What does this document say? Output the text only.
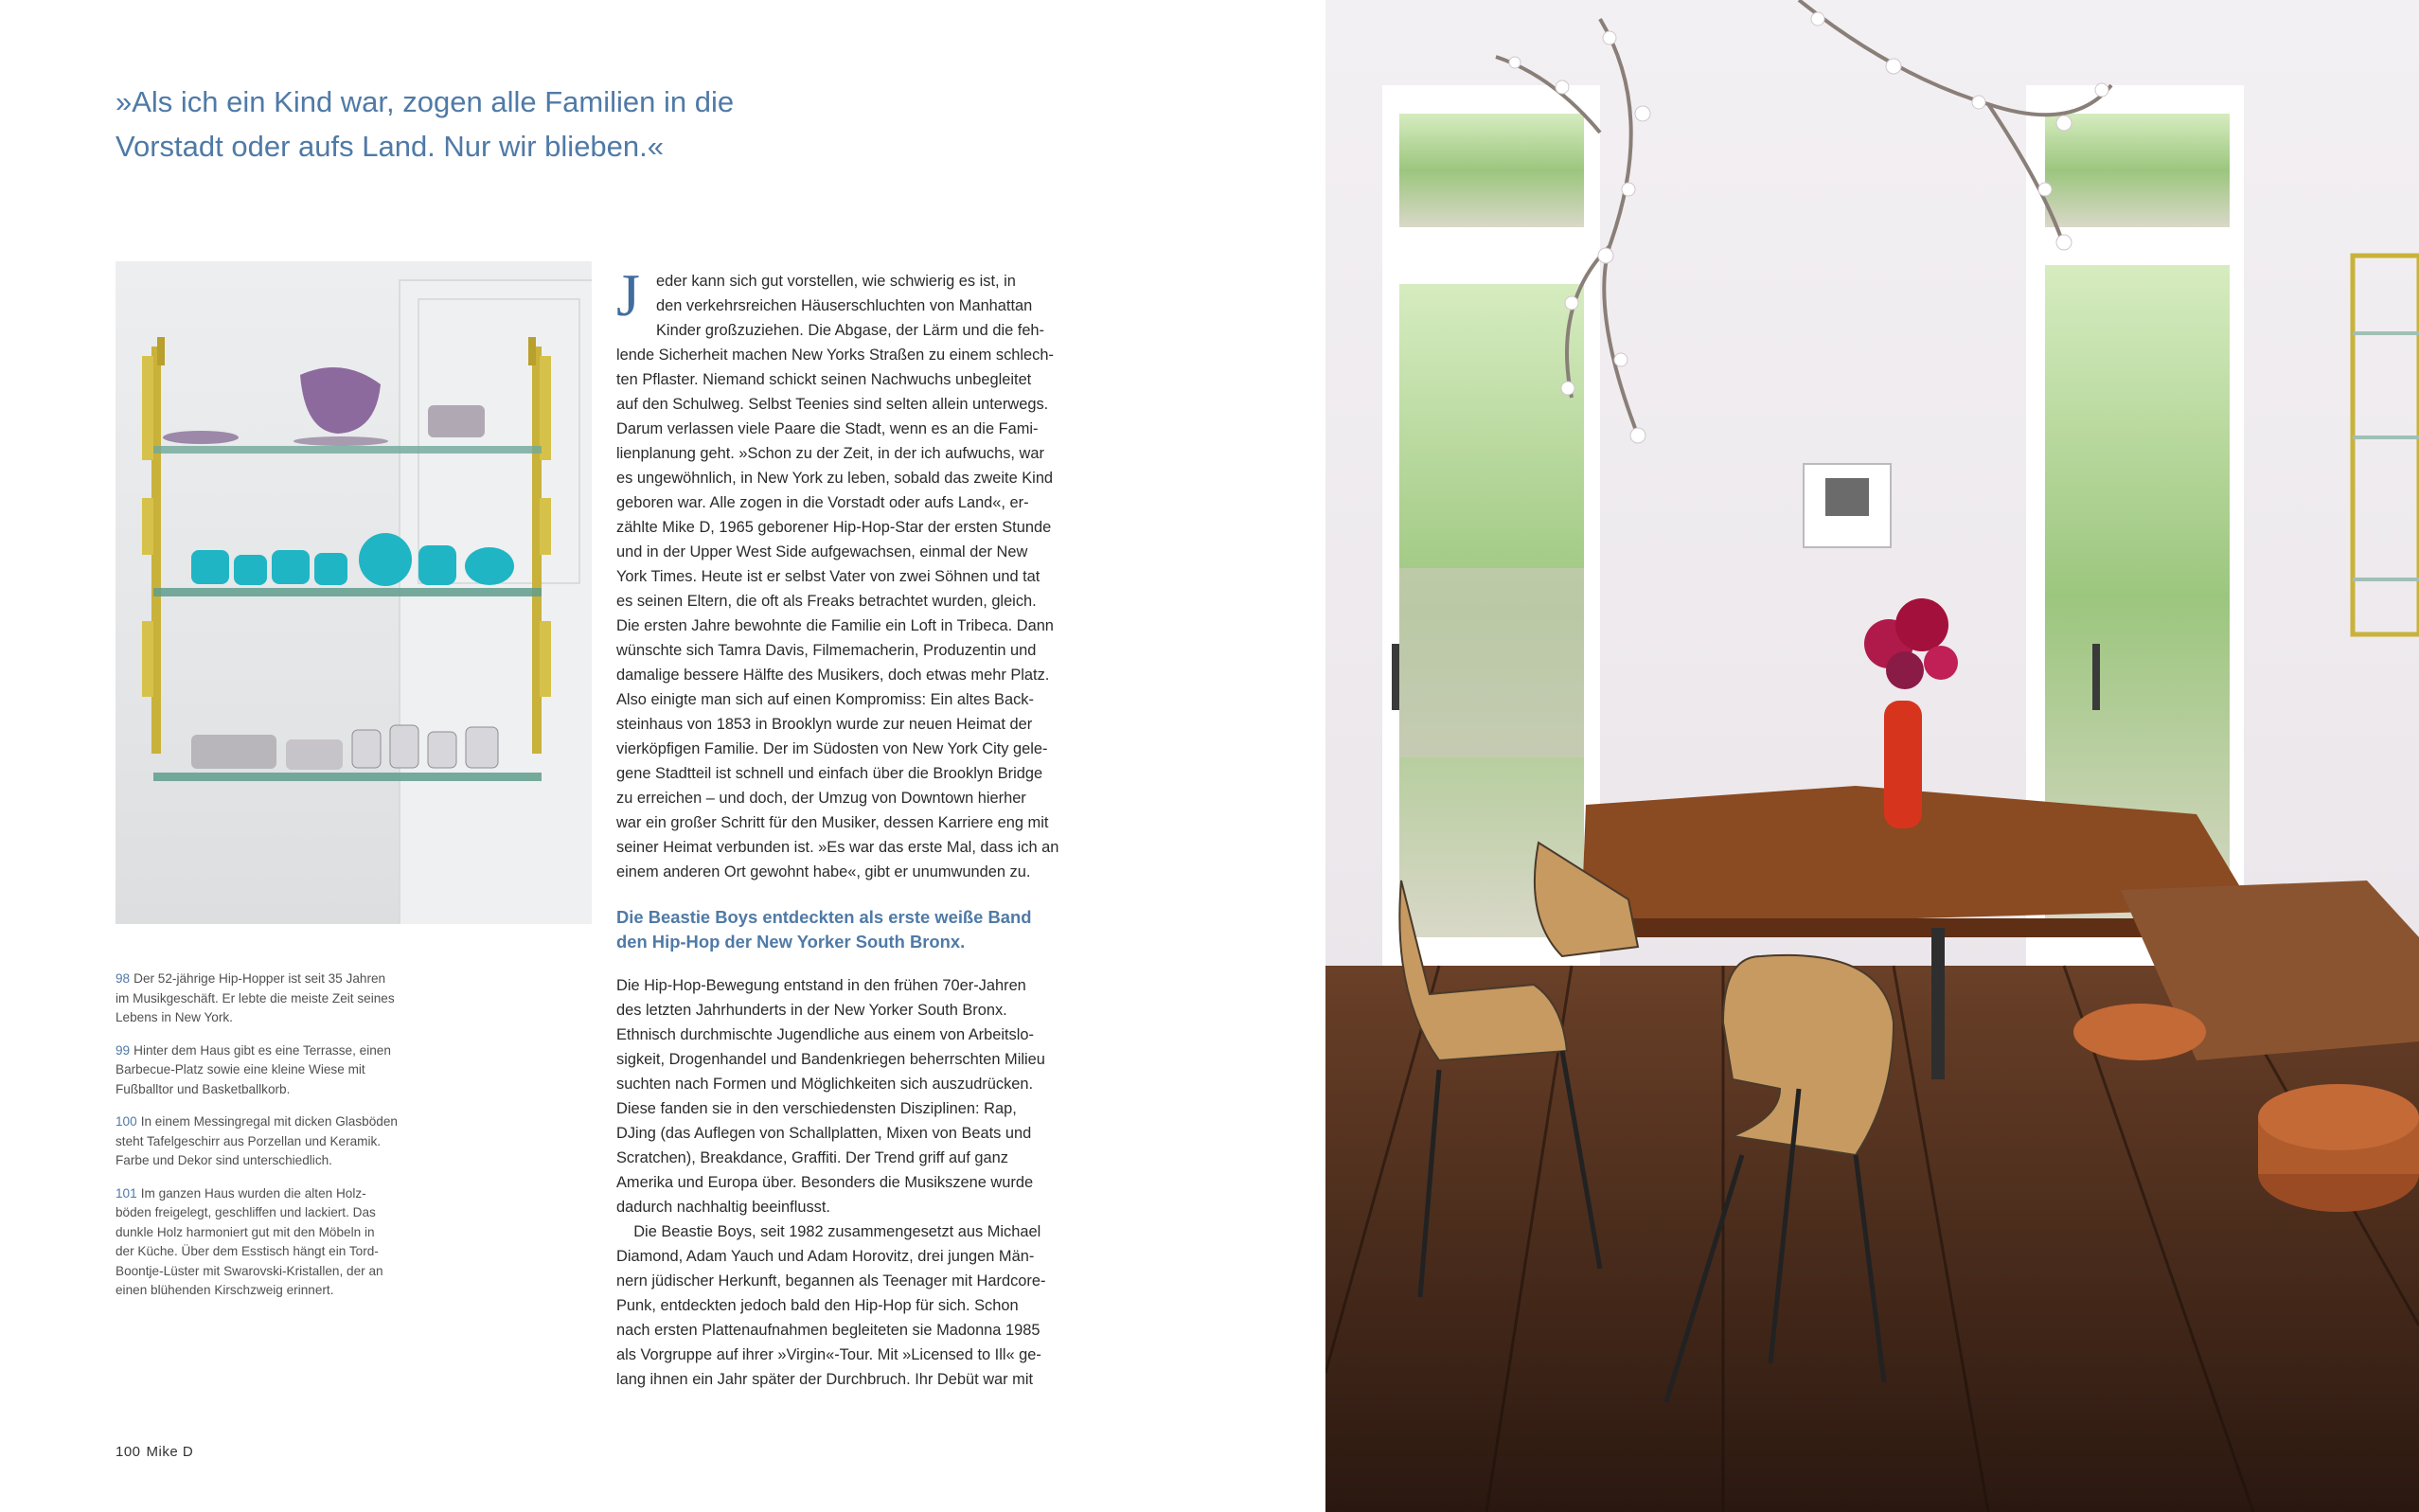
»Als ich ein Kind war, zogen alle Familien in die
Vorstadt oder aufs Land. Nur wir blieben.«
98 Der 52-jährige Hip-Hopper ist seit 35 Jahren
im Musikgeschäft. Er lebte die meiste Zeit seines
Lebens in New York.
99 Hinter dem Haus gibt es eine Terrasse, einen
Barbecue-Platz sowie eine kleine Wiese mit
Fußballtor und Basketballkorb.
100 In einem Messingregal mit dicken Glasböden
steht Tafelgeschirr aus Porzellan und Keramik.
Farbe und Dekor sind unterschiedlich.
101 Im ganzen Haus wurden die alten Holz-
böden freigelegt, geschliffen und lackiert. Das
dunkle Holz harmoniert gut mit den Möbeln in
der Küche. Über dem Esstisch hängt ein Tord-
Boontje-Lüster mit Swarovski-Kristallen, der an
einen blühenden Kirschzweig erinnert.
J	eder kann sich gut vorstellen, wie schwierig es ist, in
den verkehrsreichen Häuserschluchten von Manhattan
Kinder großzuziehen. Die Abgase, der Lärm und die feh-
lende Sicherheit machen New Yorks Straßen zu einem schlech-
ten Pflaster. Niemand schickt seinen Nachwuchs unbegleitet
auf den Schulweg. Selbst Teenies sind selten allein unterwegs.
Darum verlassen viele Paare die Stadt, wenn es an die Fami-
lienplanung geht. »Schon zu der Zeit, in der ich aufwuchs, war
es ungewöhnlich, in New York zu leben, sobald das zweite Kind
geboren war. Alle zogen in die Vorstadt oder aufs Land«, er-
zählte Mike D, 1965 geborener Hip-Hop-Star der ersten Stunde
und in der Upper West Side aufgewachsen, einmal der New
York Times. Heute ist er selbst Vater von zwei Söhnen und tat
es seinen Eltern, die oft als Freaks betrachtet wurden, gleich.
Die ersten Jahre bewohnte die Familie ein Loft in Tribeca. Dann
wünschte sich Tamra Davis, Filmemacherin, Produzentin und
damalige bessere Hälfte des Musikers, doch etwas mehr Platz.
Also einigte man sich auf einen Kompromiss: Ein altes Back-
steinhaus von 1853 in Brooklyn wurde zur neuen Heimat der
vierköpfigen Familie. Der im Südosten von New York City gele-
gene Stadtteil ist schnell und einfach über die Brooklyn Bridge
zu erreichen – und doch, der Umzug von Downtown hierher
war ein großer Schritt für den Musiker, dessen Karriere eng mit
seiner Heimat verbunden ist. »Es war das erste Mal, dass ich an
einem anderen Ort gewohnt habe«, gibt er unumwunden zu.
Die Beastie Boys entdeckten als erste weiße Band
den Hip-Hop der New Yorker South Bronx.
Die Hip-Hop-Bewegung entstand in den frühen 70er-Jahren
des letzten Jahrhunderts in der New Yorker South Bronx.
Ethnisch durchmischte Jugendliche aus einem von Arbeitslo-
sigkeit, Drogenhandel und Bandenkriegen beherrschten Milieu
suchten nach Formen und Möglichkeiten sich auszudrücken.
Diese fanden sie in den verschiedensten Disziplinen: Rap,
DJing (das Auflegen von Schallplatten, Mixen von Beats und
Scratchen), Breakdance, Graffiti. Der Trend griff auf ganz
Amerika und Europa über. Besonders die Musikszene wurde
dadurch nachhaltig beeinflusst.
Die Beastie Boys, seit 1982 zusammengesetzt aus Michael
Diamond, Adam Yauch und Adam Horovitz, drei jungen Män-
nern jüdischer Herkunft, begannen als Teenager mit Hardcore-
Punk, entdeckten jedoch bald den Hip-Hop für sich. Schon
nach ersten Plattenaufnahmen begleiteten sie Madonna 1985
als Vorgruppe auf ihrer »Virgin«-Tour. Mit »Licensed to Ill« ge-
lang ihnen ein Jahr später der Durchbruch. Ihr Debüt war mit
100 Mike D
